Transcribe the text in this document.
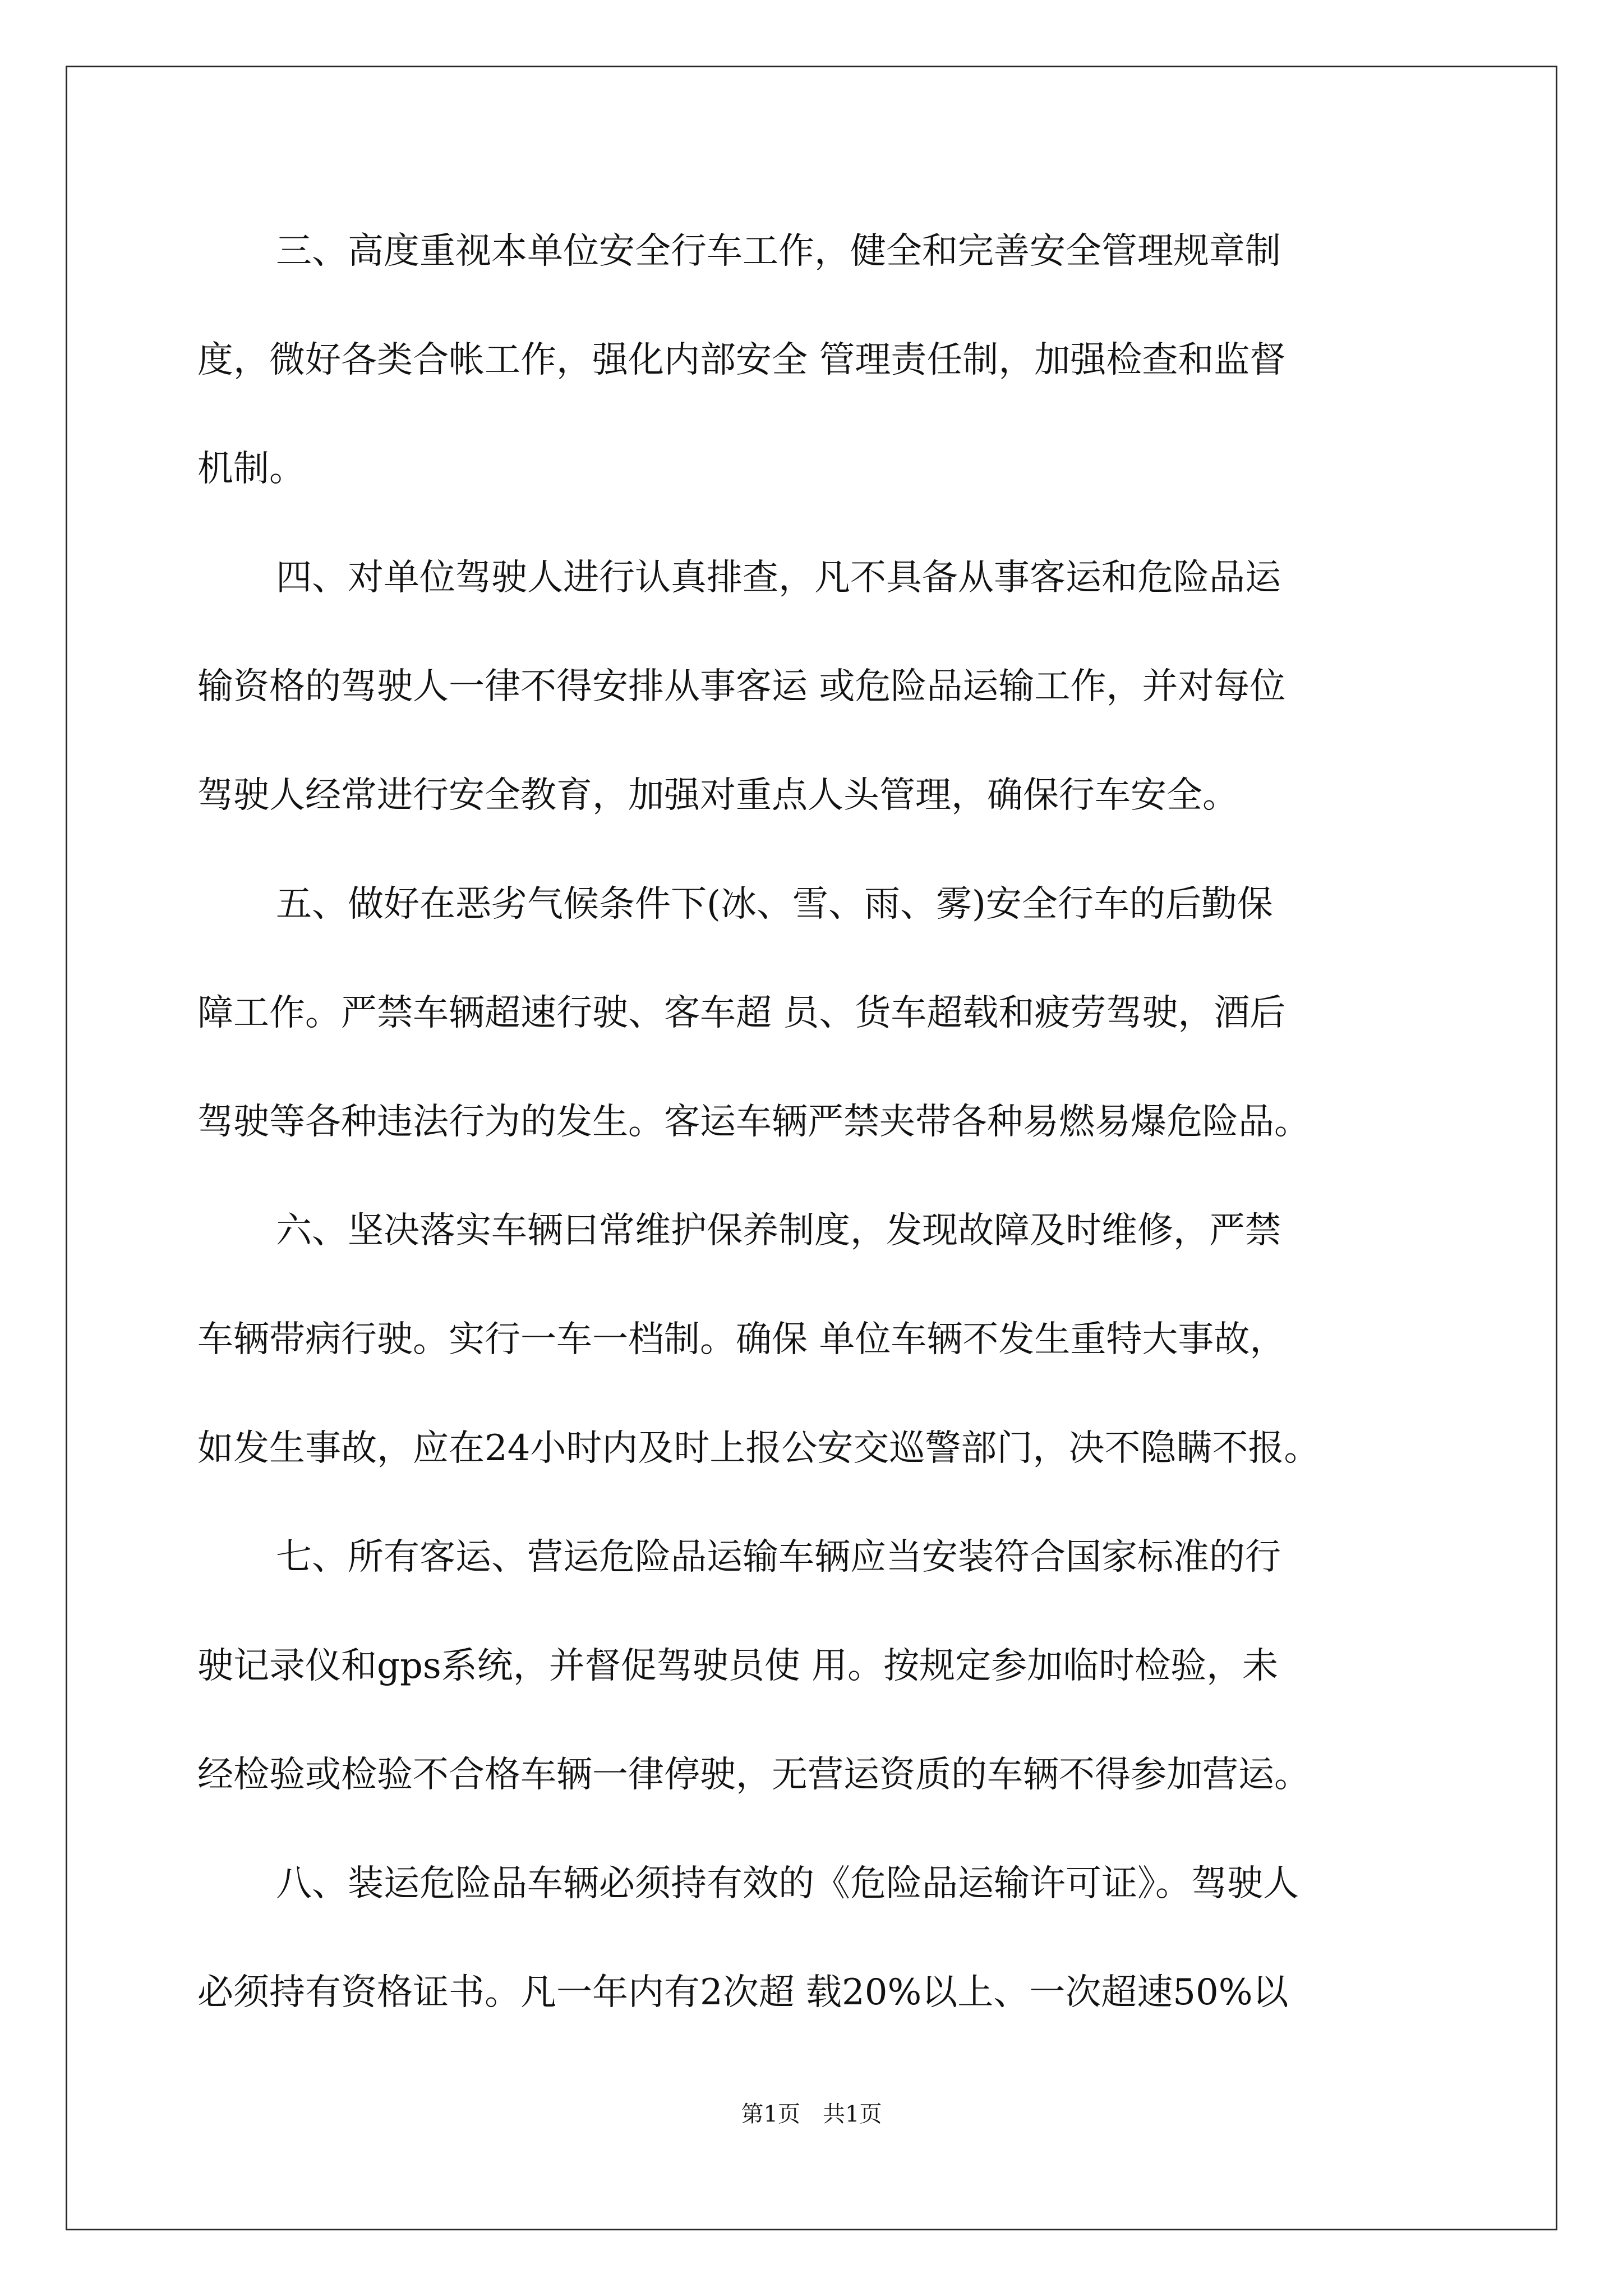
三、高度重视本单位安全行车工作，健全和完善安全管理规章制

度，微好各类合帐工作，强化内部安全 管理责任制，加强检查和监督

机制。

四、对单位驾驶人进行认真排查，凡不具备从事客运和危险品运

输资格的驾驶人一律不得安排从事客运 或危险品运输工作，并对每位

驾驶人经常进行安全教育，加强对重点人头管理，确保行车安全。

五、做好在恶劣气候条件下(冰、雪、雨、雾)安全行车的后勤保

障工作。严禁车辆超速行驶、客车超 员、货车超载和疲劳驾驶，酒后

驾驶等各种违法行为的发生。客运车辆严禁夹带各种易燃易爆危险品。

六、坚决落实车辆曰常维护保养制度，发现故障及时维修，严禁

车辆带病行驶。实行一车一档制。确保 单位车辆不发生重特大事故，

如发生事故，应在24小时内及时上报公安交巡警部门，决不隐瞒不报。

七、所有客运、营运危险品运输车辆应当安装符合国家标准的行

驶记录仪和gps系统，并督促驾驶员使 用。按规定参加临时检验，未

经检验或检验不合格车辆一律停驶，无营运资质的车辆不得参加营运。

八、装运危险品车辆必须持有效的《危险品运输许可证》。驾驶人

必须持有资格证书。凡一年内有2次超 载20%以上、一次超速50%以

第1页　共1页
